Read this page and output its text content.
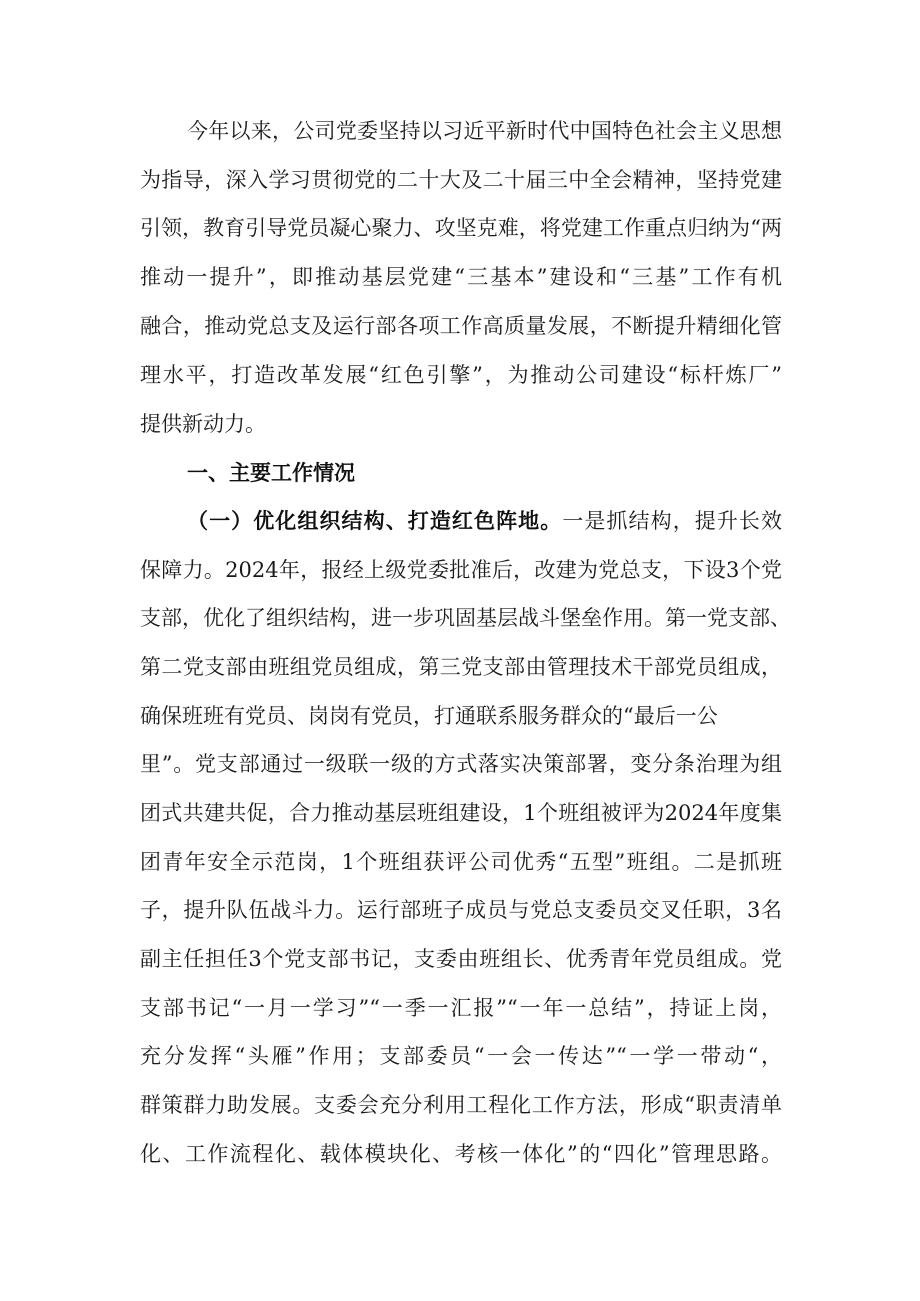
今年以来，公司党委坚持以习近平新时代中国特色社会主义思想
为指导，深入学习贯彻党的二十大及二十届三中全会精神，坚持党建
引领，教育引导党员凝心聚力、攻坚克难，将党建工作重点归纳为“两
推动一提升”，即推动基层党建“三基本”建设和“三基”工作有机
融合，推动党总支及运行部各项工作高质量发展，不断提升精细化管
理水平，打造改革发展“红色引擎”，为推动公司建设“标杆炼厂”
提供新动力。
一、主要工作情况
（一）优化组织结构、打造红色阵地。一是抓结构，提升长效
保障力。2024年，报经上级党委批准后，改建为党总支，下设3个党
支部，优化了组织结构，进一步巩固基层战斗堡垒作用。第一党支部、
第二党支部由班组党员组成，第三党支部由管理技术干部党员组成，
确保班班有党员、岗岗有党员，打通联系服务群众的“最后一公
里”。党支部通过一级联一级的方式落实决策部署，变分条治理为组
团式共建共促，合力推动基层班组建设，1个班组被评为2024年度集
团青年安全示范岗，1个班组获评公司优秀“五型”班组。二是抓班
子，提升队伍战斗力。运行部班子成员与党总支委员交叉任职，3名
副主任担任3个党支部书记，支委由班组长、优秀青年党员组成。党
支部书记“一月一学习”“一季一汇报”“一年一总结”，持证上岗，
充分发挥“头雁”作用；支部委员“一会一传达”“一学一带动“，
群策群力助发展。支委会充分利用工程化工作方法，形成“职责清单
化、工作流程化、载体模块化、考核一体化”的“四化”管理思路。
